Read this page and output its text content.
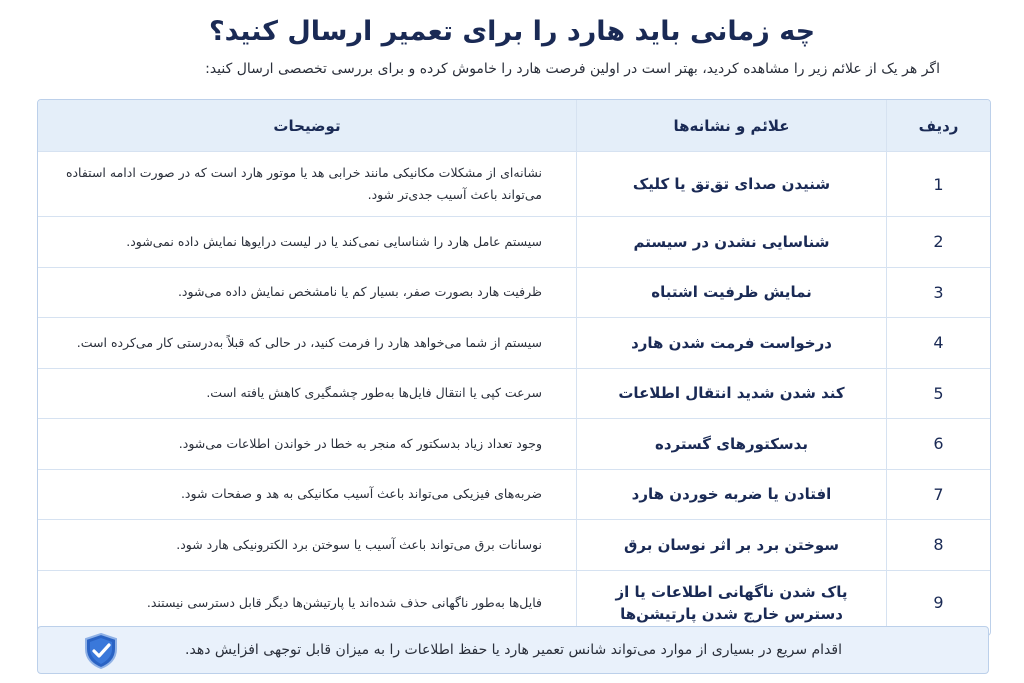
چه زمانی باید هارد را برای تعمیر ارسال کنید؟
اگر هر یک از علائم زیر را مشاهده کردید، بهتر است در اولین فرصت هارد را خاموش کرده و برای بررسی تخصصی ارسال کنید:
ردیف
علائم و نشانه‌ها
توضیحات
1
شنیدن صدای تق‌تق یا کلیک
نشانه‌ای از مشکلات مکانیکی مانند خرابی هد یا موتور هارد است که در صورت ادامه استفاده می‌تواند باعث آسیب جدی‌تر شود.
2
شناسایی نشدن در سیستم
سیستم عامل هارد را شناسایی نمی‌کند یا در لیست درایوها نمایش داده نمی‌شود.
3
نمایش ظرفیت اشتباه
ظرفیت هارد بصورت صفر، بسیار کم یا نامشخص نمایش داده می‌شود.
4
درخواست فرمت شدن هارد
سیستم از شما می‌خواهد هارد را فرمت کنید، در حالی که قبلاً به‌درستی کار می‌کرده است.
5
کند شدن شدید انتقال اطلاعات
سرعت کپی یا انتقال فایل‌ها به‌طور چشمگیری کاهش یافته است.
6
بدسکتورهای گسترده
وجود تعداد زیاد بدسکتور که منجر به خطا در خواندن اطلاعات می‌شود.
7
افتادن یا ضربه خوردن هارد
ضربه‌های فیزیکی می‌تواند باعث آسیب مکانیکی به هد و صفحات شود.
8
سوختن برد بر اثر نوسان برق
نوسانات برق می‌تواند باعث آسیب یا سوختن برد الکترونیکی هارد شود.
9
پاک شدن ناگهانی اطلاعات یا از دسترس خارج شدن پارتیشن‌ها
فایل‌ها به‌طور ناگهانی حذف شده‌اند یا پارتیشن‌ها دیگر قابل دسترسی نیستند.
اقدام سریع در بسیاری از موارد می‌تواند شانس تعمیر هارد یا حفظ اطلاعات را به میزان قابل توجهی افزایش دهد.
